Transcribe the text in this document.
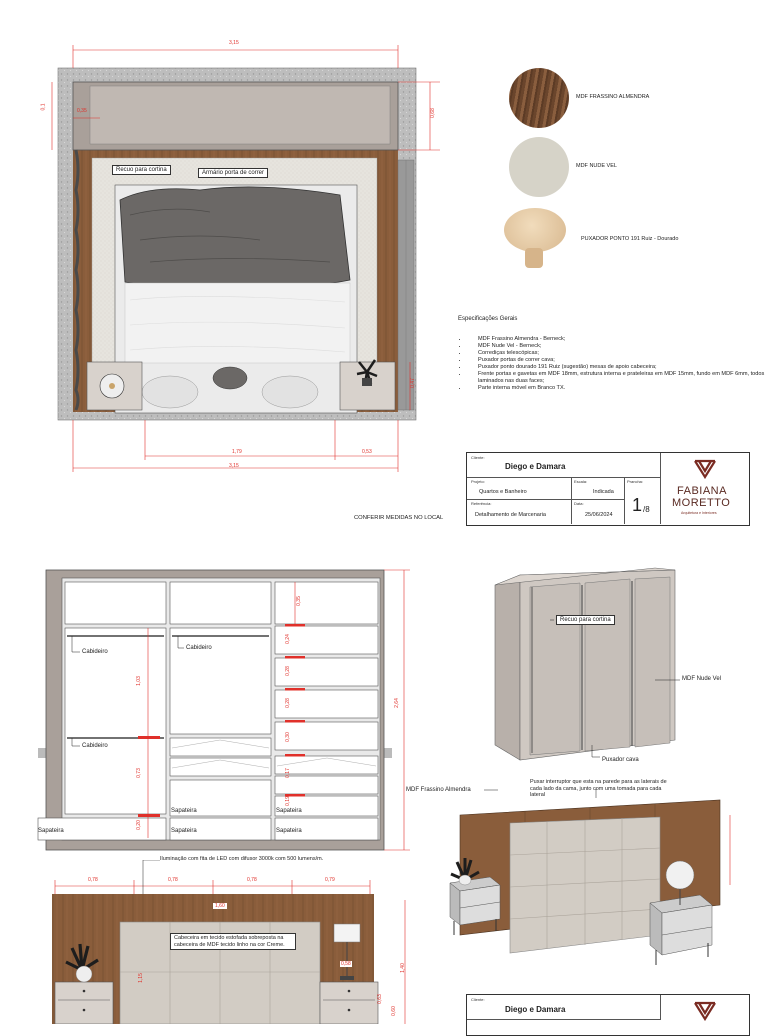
3,15
3,15
1,79	0,53
0,1
0,35	0,68
0,47
Recuo para cortina	Armário porta de correr
MDF FRASSINO ALMENDRA
MDF NUDE VEL
PUXADOR PONTO 191 Ruiz - Dourado
Especificações Gerais
• MDF Frassino Almendra - Berneck;
• MDF Nude Vel - Berneck;
• Corrediças telescópicas;
• Puxador portas de correr cava;
• Puxador ponto dourado 191 Ruiz (sugestão) mesas de apoio cabeceira;
• Frente portas e gavetas em MDF 18mm, estrutura interna e prateleiras em MDF 15mm, fundo em MDF 6mm, todos laminados nas duas faces;
• Parte interna móvel em Branco TX.
Cliente:
Diego e Damara
Projeto:
Quartos e Banheiro
Escala:
Indicada
Referência:
Detalhamento de Marcenaria
Data:
25/06/2024
Prancha:
1 /8
FABIANA
MORETTO
Arquitetura e Interiores
CONFERIR MEDIDAS NO LOCAL
Cabideiro
Cabideiro
Cabideiro
Sapateira
Sapateira
Sapateira
Sapateira
Sapateira
2,64
1,03
0,73
0,20
0,35
0,24
0,28
0,28
0,30
0,17
0,19
Recuo para cortina
MDF Nude Vel
Puxador cava
Puxar interruptor que esta na parede para as laterais de cada lado da cama, junto com uma tomada para cada lateral
MDF Frassino Almendra
Iluminação com fita de LED com difusor 3000k com 500 lumens/m.
0,78	0,78	0,78	0,79
1,60
1,15
1,40
0,58
0,60
0,63
Cabeceira em tecido estofada sobreposta na cabeceira de MDF tecido linho na cor Creme.
Cliente:
Diego e Damara
